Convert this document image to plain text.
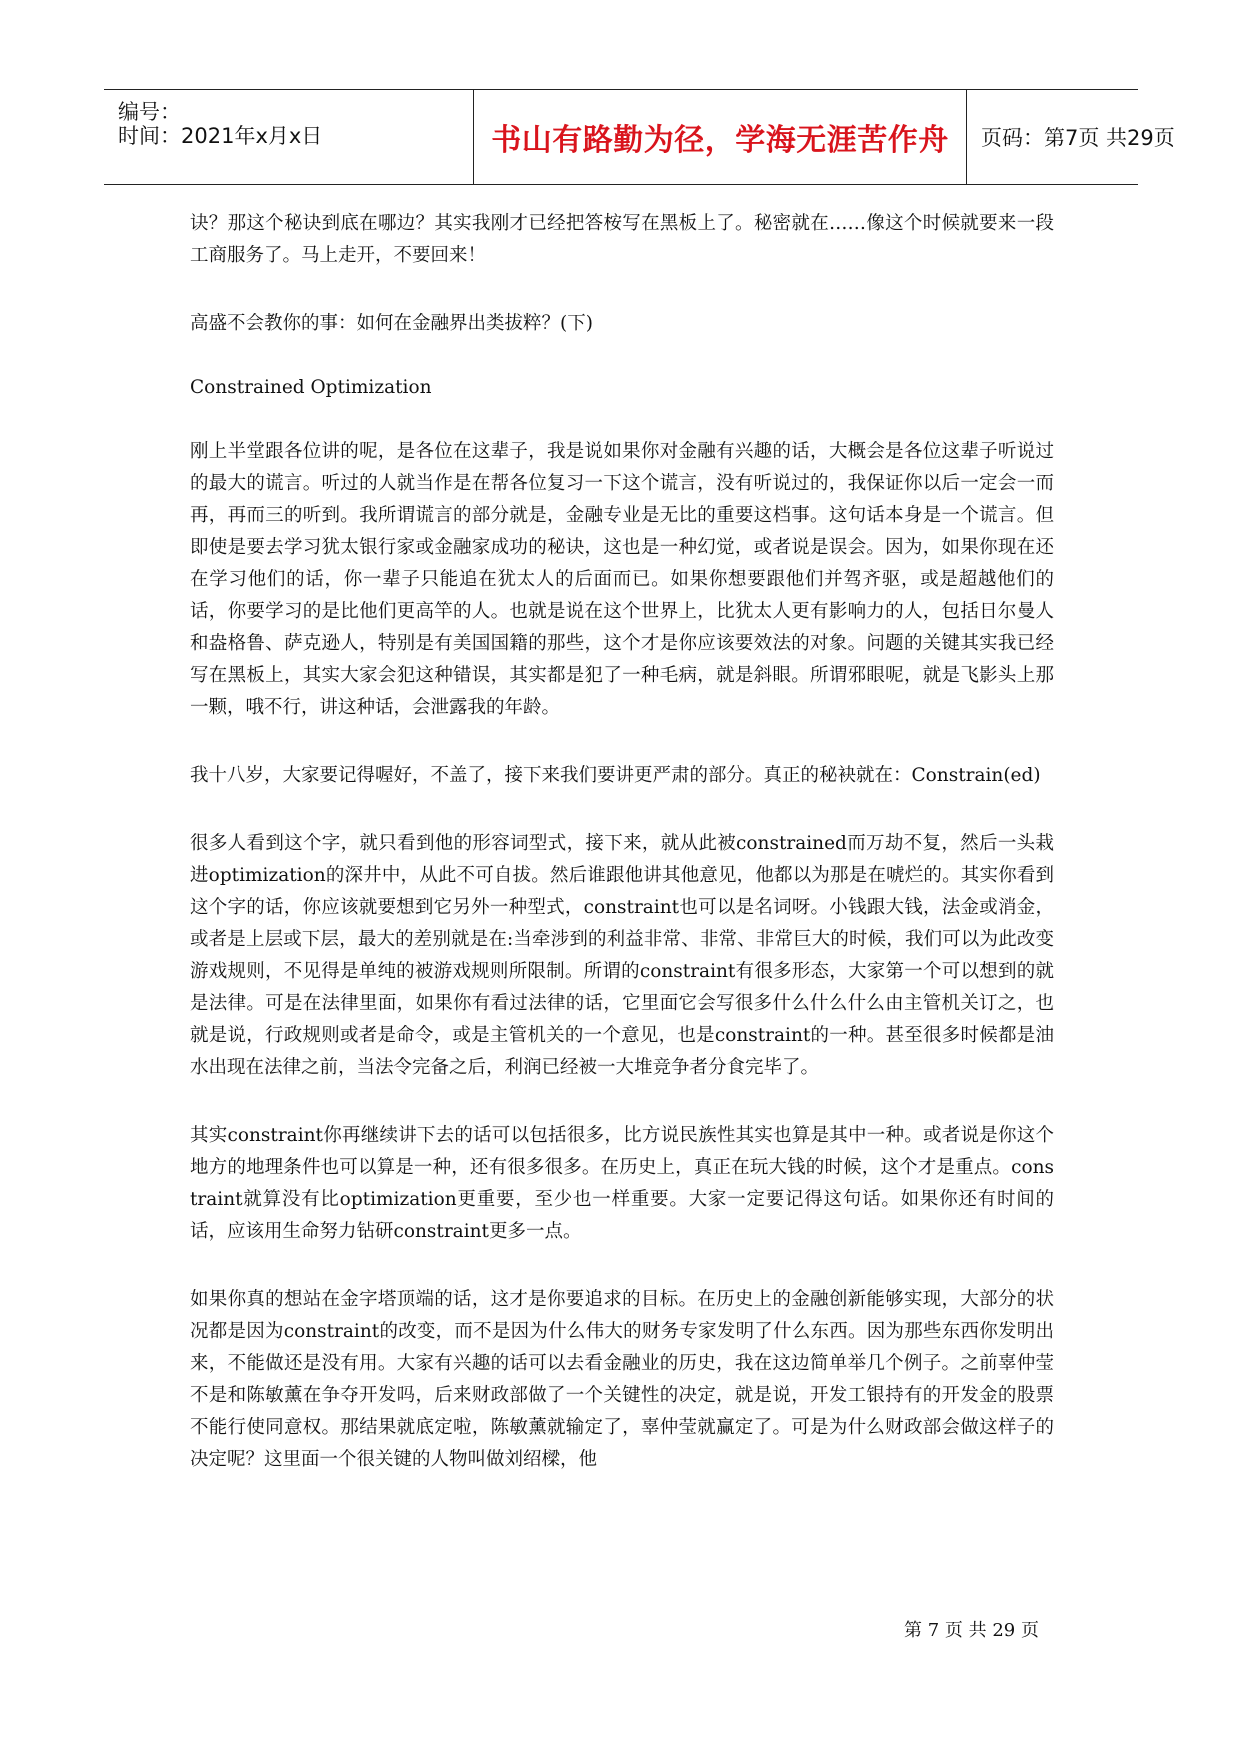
编号：
时间：2021年x月x日	书山有路勤为径，学海无涯苦作舟	页码：第7页 共29页

诀？那这个秘诀到底在哪边？其实我刚才已经把答桉写在黑板上了。秘密就在……像这个时候就要来一段工商服务了。马上走开，不要回来！

高盛不会教你的事：如何在金融界出类拔粹？(下)

Constrained Optimization

刚上半堂跟各位讲的呢，是各位在这辈子，我是说如果你对金融有兴趣的话，大概会是各位这辈子听说过的最大的谎言。听过的人就当作是在帮各位复习一下这个谎言，没有听说过的，我保证你以后一定会一而再，再而三的听到。我所谓谎言的部分就是，金融专业是无比的重要这档事。这句话本身是一个谎言。但即使是要去学习犹太银行家或金融家成功的秘诀，这也是一种幻觉，或者说是误会。因为，如果你现在还在学习他们的话，你一辈子只能追在犹太人的后面而已。如果你想要跟他们并驾齐驱，或是超越他们的话，你要学习的是比他们更高竿的人。也就是说在这个世界上，比犹太人更有影响力的人，包括日尔曼人和盎格鲁、萨克逊人，特别是有美国国籍的那些，这个才是你应该要效法的对象。问题的关键其实我已经写在黑板上，其实大家会犯这种错误，其实都是犯了一种毛病，就是斜眼。所谓邪眼呢，就是飞影头上那一颗，哦不行，讲这种话，会泄露我的年龄。

我十八岁，大家要记得喔好，不盖了，接下来我们要讲更严肃的部分。真正的秘袂就在：Constrain(ed)

很多人看到这个字，就只看到他的形容词型式，接下来，就从此被constrained而万劫不复，然后一头栽进optimization的深井中，从此不可自拔。然后谁跟他讲其他意见，他都以为那是在唬烂的。其实你看到这个字的话，你应该就要想到它另外一种型式，constraint也可以是名词呀。小钱跟大钱，法金或消金，或者是上层或下层，最大的差别就是在:当牵涉到的利益非常、非常、非常巨大的时候，我们可以为此改变游戏规则，不见得是单纯的被游戏规则所限制。所谓的constraint有很多形态，大家第一个可以想到的就是法律。可是在法律里面，如果你有看过法律的话，它里面它会写很多什么什么什么由主管机关订之，也就是说，行政规则或者是命令，或是主管机关的一个意见，也是constraint的一种。甚至很多时候都是油水出现在法律之前，当法令完备之后，利润已经被一大堆竞争者分食完毕了。

其实constraint你再继续讲下去的话可以包括很多，比方说民族性其实也算是其中一种。或者说是你这个地方的地理条件也可以算是一种，还有很多很多。在历史上，真正在玩大钱的时候，这个才是重点。constraint就算没有比optimization更重要，至少也一样重要。大家一定要记得这句话。如果你还有时间的话，应该用生命努力钻研constraint更多一点。

如果你真的想站在金字塔顶端的话，这才是你要追求的目标。在历史上的金融创新能够实现，大部分的状况都是因为constraint的改变，而不是因为什么伟大的财务专家发明了什么东西。因为那些东西你发明出来，不能做还是没有用。大家有兴趣的话可以去看金融业的历史，我在这边简单举几个例子。之前辜仲莹不是和陈敏薰在争夺开发吗，后来财政部做了一个关键性的决定，就是说，开发工银持有的开发金的股票不能行使同意权。那结果就底定啦，陈敏薰就输定了，辜仲莹就赢定了。可是为什么财政部会做这样子的决定呢？这里面一个很关键的人物叫做刘绍樑，他

第 7 页 共 29 页
